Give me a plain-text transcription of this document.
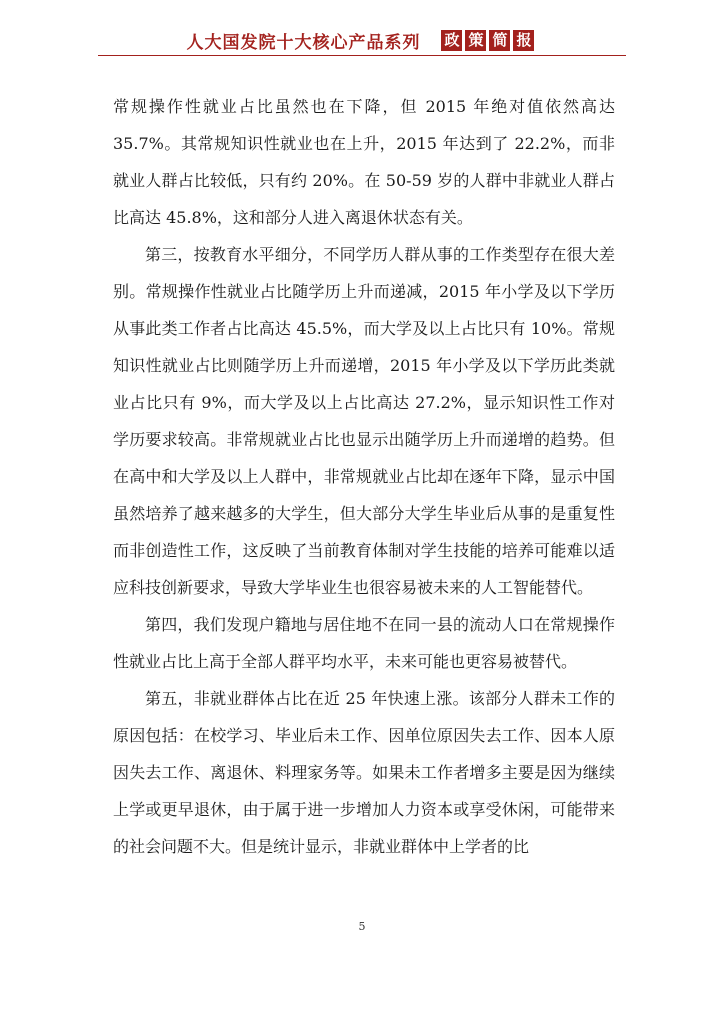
人大国发院十大核心产品系列 政 策 简 报

常规操作性就业占比虽然也在下降，但 2015 年绝对值依然高达 35.7%。其常规知识性就业也在上升，2015 年达到了 22.2%，而非就业人群占比较低，只有约 20%。在 50-59 岁的人群中非就业人群占比高达 45.8%，这和部分人进入离退休状态有关。

第三，按教育水平细分，不同学历人群从事的工作类型存在很大差别。常规操作性就业占比随学历上升而递减，2015 年小学及以下学历从事此类工作者占比高达 45.5%，而大学及以上占比只有 10%。常规知识性就业占比则随学历上升而递增，2015 年小学及以下学历此类就业占比只有 9%，而大学及以上占比高达 27.2%，显示知识性工作对学历要求较高。非常规就业占比也显示出随学历上升而递增的趋势。但在高中和大学及以上人群中，非常规就业占比却在逐年下降，显示中国虽然培养了越来越多的大学生，但大部分大学生毕业后从事的是重复性而非创造性工作，这反映了当前教育体制对学生技能的培养可能难以适应科技创新要求，导致大学毕业生也很容易被未来的人工智能替代。

第四，我们发现户籍地与居住地不在同一县的流动人口在常规操作性就业占比上高于全部人群平均水平，未来可能也更容易被替代。

第五，非就业群体占比在近 25 年快速上涨。该部分人群未工作的原因包括：在校学习、毕业后未工作、因单位原因失去工作、因本人原因失去工作、离退休、料理家务等。如果未工作者增多主要是因为继续上学或更早退休，由于属于进一步增加人力资本或享受休闲，可能带来的社会问题不大。但是统计显示，非就业群体中上学者的比

5
